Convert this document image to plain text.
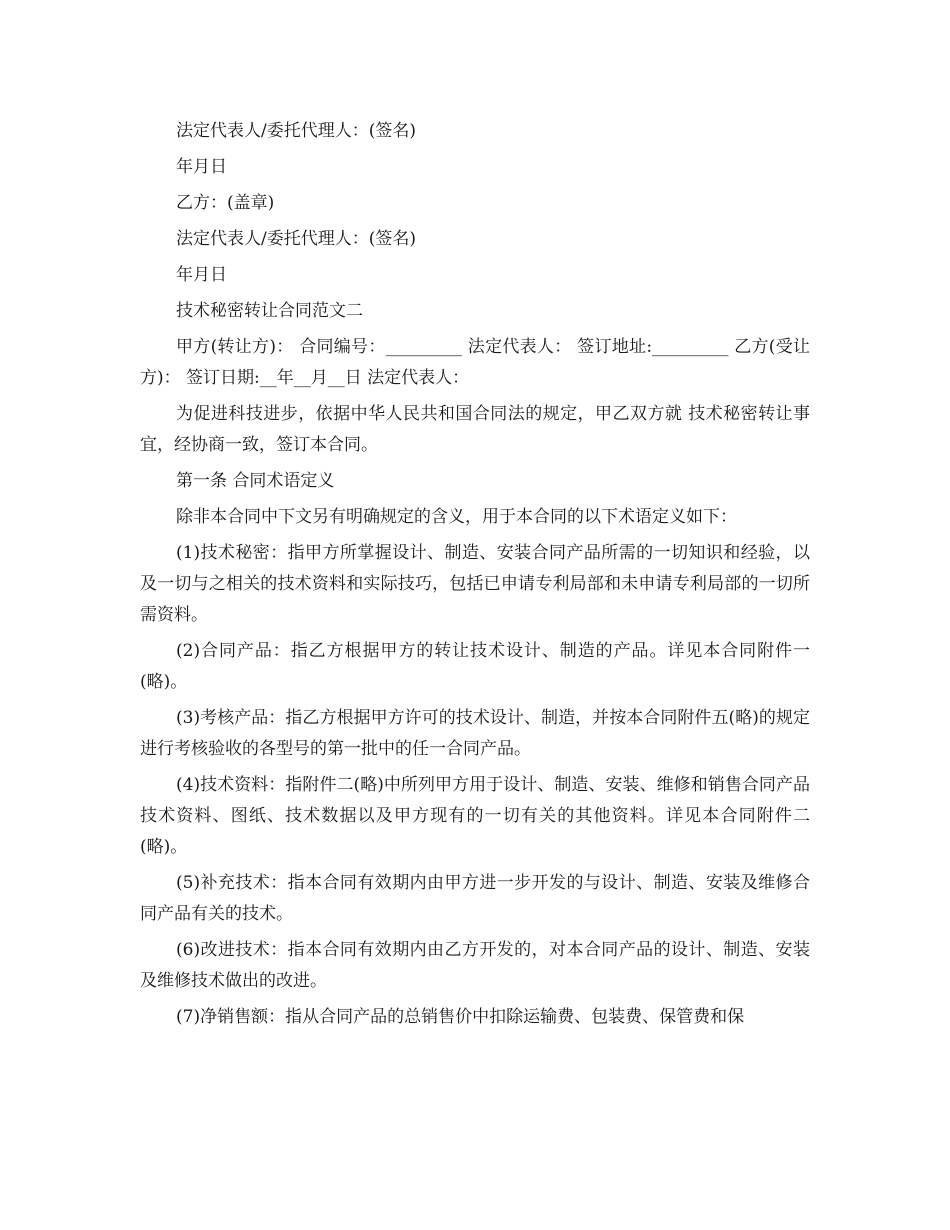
法定代表人/委托代理人：(签名)

年月日

乙方：(盖章)

法定代表人/委托代理人：(签名)

年月日

技术秘密转让合同范文二

甲方(转让方)： 合同编号：_________ 法定代表人： 签订地址:_________ 乙方(受让方)： 签订日期:__年__月__日 法定代表人：

为促进科技进步，依据中华人民共和国合同法的规定，甲乙双方就 技术秘密转让事宜，经协商一致，签订本合同。

第一条 合同术语定义

除非本合同中下文另有明确规定的含义，用于本合同的以下术语定义如下：

(1)技术秘密：指甲方所掌握设计、制造、安装合同产品所需的一切知识和经验，以及一切与之相关的技术资料和实际技巧，包括已申请专利局部和未申请专利局部的一切所需资料。

(2)合同产品：指乙方根据甲方的转让技术设计、制造的产品。详见本合同附件一(略)。

(3)考核产品：指乙方根据甲方许可的技术设计、制造，并按本合同附件五(略)的规定进行考核验收的各型号的第一批中的任一合同产品。

(4)技术资料：指附件二(略)中所列甲方用于设计、制造、安装、维修和销售合同产品技术资料、图纸、技术数据以及甲方现有的一切有关的其他资料。详见本合同附件二(略)。

(5)补充技术：指本合同有效期内由甲方进一步开发的与设计、制造、安装及维修合同产品有关的技术。

(6)改进技术：指本合同有效期内由乙方开发的，对本合同产品的设计、制造、安装及维修技术做出的改进。

(7)净销售额：指从合同产品的总销售价中扣除运输费、包装费、保管费和保
